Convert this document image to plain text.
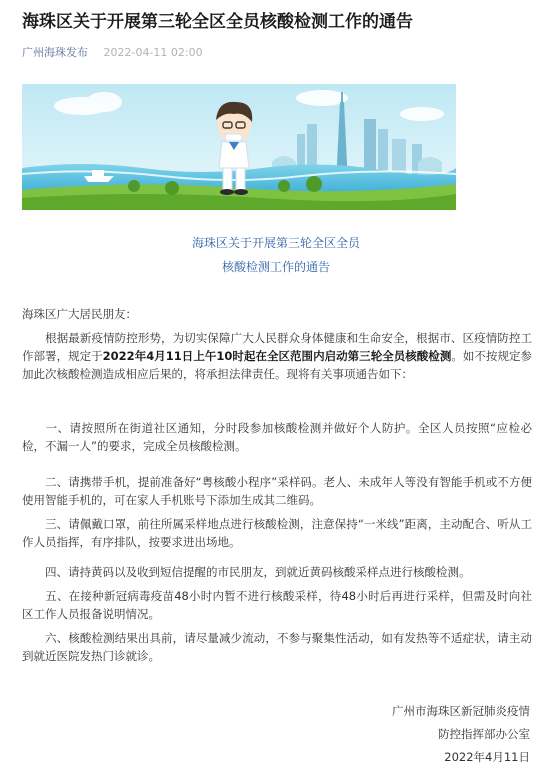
海珠区关于开展第三轮全区全员核酸检测工作的通告
广州海珠发布 2022-04-11 02:00
海珠区关于开展第三轮全区全员
核酸检测工作的通告

海珠区广大居民朋友：

  根据最新疫情防控形势，为切实保障广大人民群众身体健康和生命安全，根据市、区疫情防控工作部署，规定于2022年4月11日上午10时起在全区范围内启动第三轮全员核酸检测。如不按规定参加此次核酸检测造成相应后果的，将承担法律责任。现将有关事项通告如下：

  一、请按照所在街道社区通知，分时段参加核酸检测并做好个人防护。全区人员按照“应检必检，不漏一人”的要求，完成全员核酸检测。

  二、请携带手机，提前准备好“粤核酸小程序”采样码。老人、未成年人等没有智能手机或不方便使用智能手机的，可在家人手机账号下添加生成其二维码。

  三、请佩戴口罩，前往所属采样地点进行核酸检测，注意保持“一米线”距离，主动配合、听从工作人员指挥，有序排队，按要求进出场地。

  四、请持黄码以及收到短信提醒的市民朋友，到就近黄码核酸采样点进行核酸检测。

  五、在接种新冠病毒疫苗48小时内暂不进行核酸采样，待48小时后再进行采样，但需及时向社区工作人员报备说明情况。

  六、核酸检测结果出具前，请尽量减少流动，不参与聚集性活动，如有发热等不适症状，请主动到就近医院发热门诊就诊。

广州市海珠区新冠肺炎疫情
防控指挥部办公室
2022年4月11日
